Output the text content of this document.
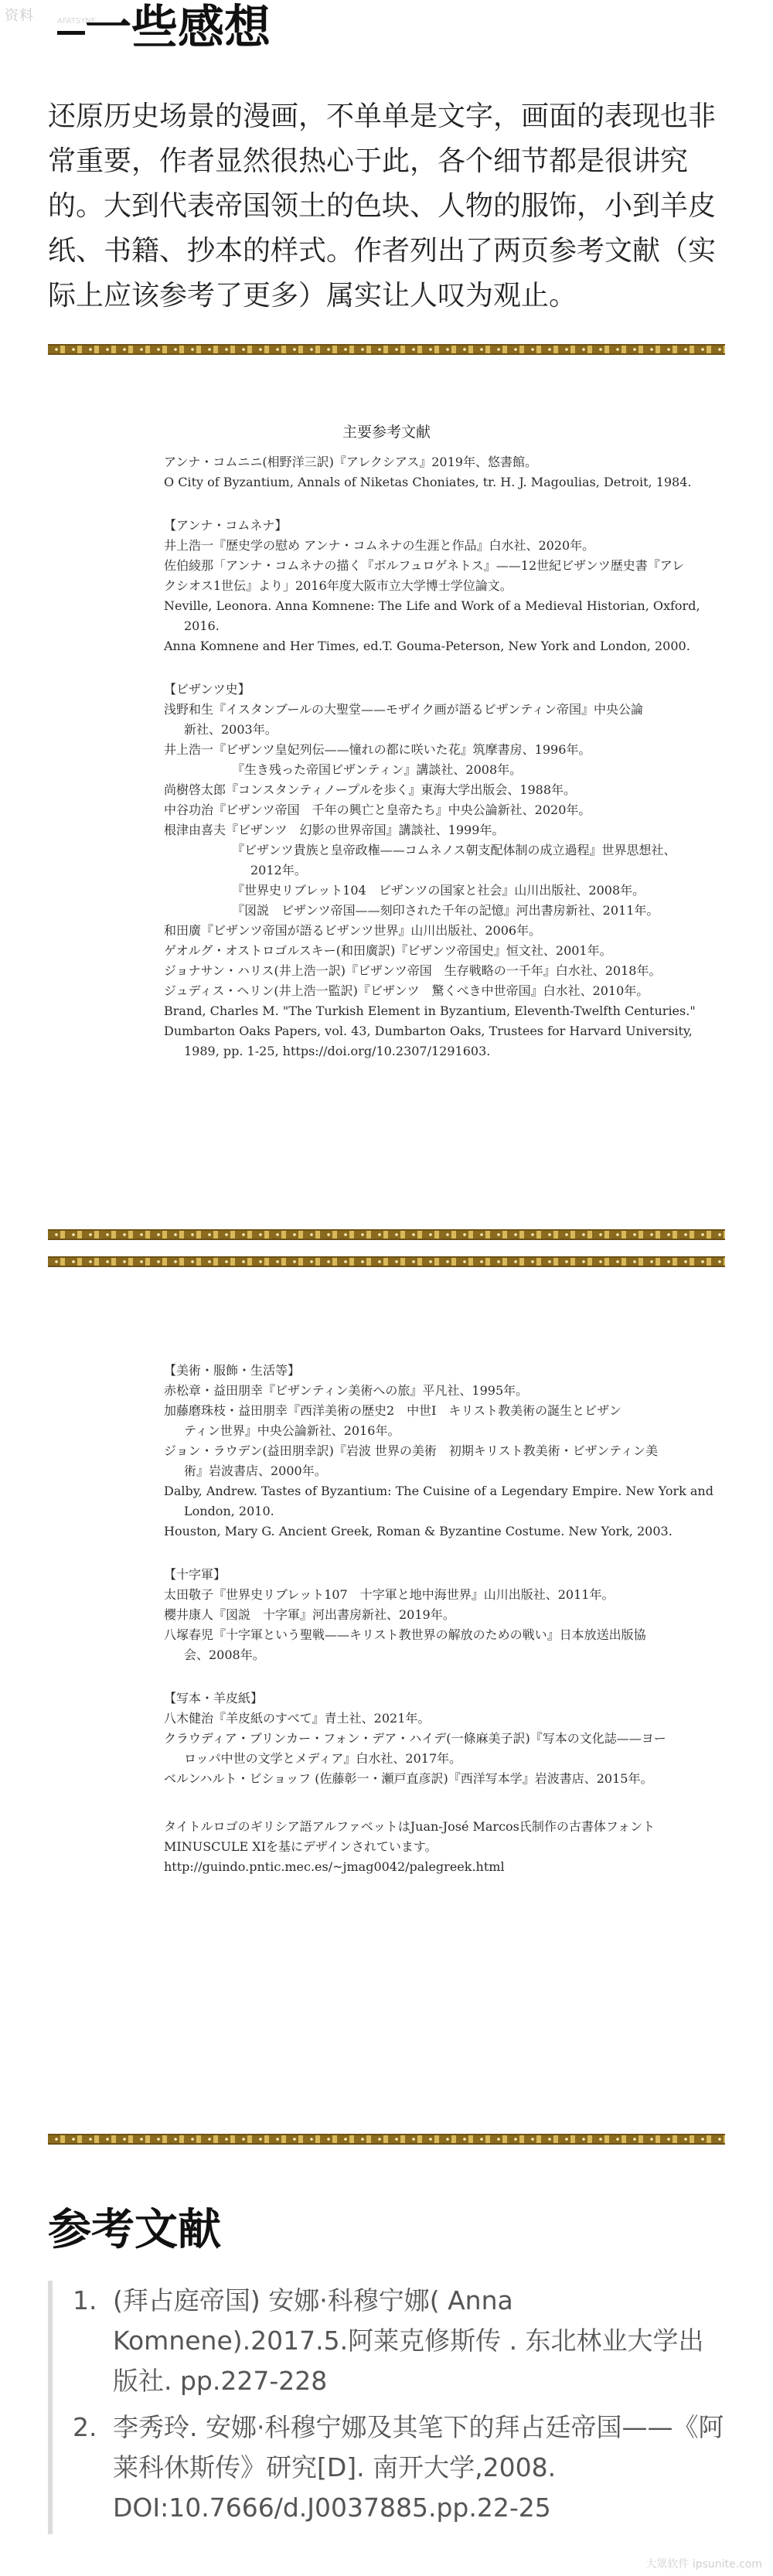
资料	AFATSYNE
一些感想

还原历史场景的漫画，不单单是文字，画面的表现也非常重要，作者显然很热心于此，各个细节都是很讲究的。大到代表帝国领土的色块、人物的服饰，小到羊皮纸、书籍、抄本的样式。作者列出了两页参考文献（实际上应该参考了更多）属实让人叹为观止。

主要参考文献
アンナ・コムニニ(相野洋三訳)『アレクシアス』2019年、悠書館。
O City of Byzantium, Annals of Niketas Choniates, tr. H. J. Magoulias, Detroit, 1984.
【アンナ・コムネナ】
井上浩一『歴史学の慰め アンナ・コムネナの生涯と作品』白水社、2020年。
佐伯綾那「アンナ・コムネナの描く『ボルフュロゲネトス』——12世紀ビザンツ歴史書『アレ
クシオス1世伝』より」2016年度大阪市立大学博士学位論文。
Neville, Leonora. Anna Komnene: The Life and Work of a Medieval Historian, Oxford,
2016.
Anna Komnene and Her Times, ed.T. Gouma-Peterson, New York and London, 2000.
【ビザンツ史】
浅野和生『イスタンブールの大聖堂——モザイク画が語るビザンティン帝国』中央公論
新社、2003年。
井上浩一『ビザンツ皇妃列伝——憧れの都に咲いた花』筑摩書房、1996年。
『生き残った帝国ビザンティン』講談社、2008年。
尚樹啓太郎『コンスタンティノープルを歩く』東海大学出版会、1988年。
中谷功治『ビザンツ帝国　千年の興亡と皇帝たち』中央公論新社、2020年。
根津由喜夫『ビザンツ　幻影の世界帝国』講談社、1999年。
『ビザンツ貴族と皇帝政権——コムネノス朝支配体制の成立過程』世界思想社、
2012年。
『世界史リブレット104　ビザンツの国家と社会』山川出版社、2008年。
『図説　ビザンツ帝国——刻印された千年の記憶』河出書房新社、2011年。
和田廣『ビザンツ帝国が語るビザンツ世界』山川出版社、2006年。
ゲオルグ・オストロゴルスキー(和田廣訳)『ビザンツ帝国史』恒文社、2001年。
ジョナサン・ハリス(井上浩一訳)『ビザンツ帝国　生存戦略の一千年』白水社、2018年。
ジュディス・ヘリン(井上浩一監訳)『ビザンツ　驚くべき中世帝国』白水社、2010年。
Brand, Charles M. "The Turkish Element in Byzantium, Eleventh-Twelfth Centuries."
Dumbarton Oaks Papers, vol. 43, Dumbarton Oaks, Trustees for Harvard University,
1989, pp. 1-25, https://doi.org/10.2307/1291603.
【美術・服飾・生活等】
赤松章・益田朋幸『ビザンティン美術への旅』平凡社、1995年。
加藤磨珠枝・益田朋幸『西洋美術の歴史2　中世Ⅰ　キリスト教美術の誕生とビザン
ティン世界』中央公論新社、2016年。
ジョン・ラウデン(益田朋幸訳)『岩波 世界の美術　初期キリスト教美術・ビザンティン美
術』岩波書店、2000年。
Dalby, Andrew. Tastes of Byzantium: The Cuisine of a Legendary Empire. New York and
London, 2010.
Houston, Mary G. Ancient Greek, Roman & Byzantine Costume. New York, 2003.
【十字軍】
太田敬子『世界史リブレット107　十字軍と地中海世界』山川出版社、2011年。
櫻井康人『図説　十字軍』河出書房新社、2019年。
八塚春児『十字軍という聖戦——キリスト教世界の解放のための戦い』日本放送出版協
会、2008年。
【写本・羊皮紙】
八木健治『羊皮紙のすべて』青土社、2021年。
クラウディア・ブリンカー・フォン・デア・ハイデ(一條麻美子訳)『写本の文化誌——ヨー
ロッパ中世の文学とメディア』白水社、2017年。
ベルンハルト・ビショッフ (佐藤彰一・瀬戸直彦訳)『西洋写本学』岩波書店、2015年。
タイトルロゴのギリシア語アルファベットはJuan-José Marcos氏制作の古書体フォント
MINUSCULE XIを基にデザインされています。
http://guindo.pntic.mec.es/~jmag0042/palegreek.html
参考文献
1. (拜占庭帝国) 安娜·科穆宁娜( Anna Komnene).2017.5.阿莱克修斯传 . 东北林业大学出版社. pp.227-228
2. 李秀玲. 安娜·科穆宁娜及其笔下的拜占廷帝国——《阿莱科休斯传》研究[D]. 南开大学,2008. DOI:10.7666/d.J0037885.pp.22-25
大眾软件 ipsunite.com
